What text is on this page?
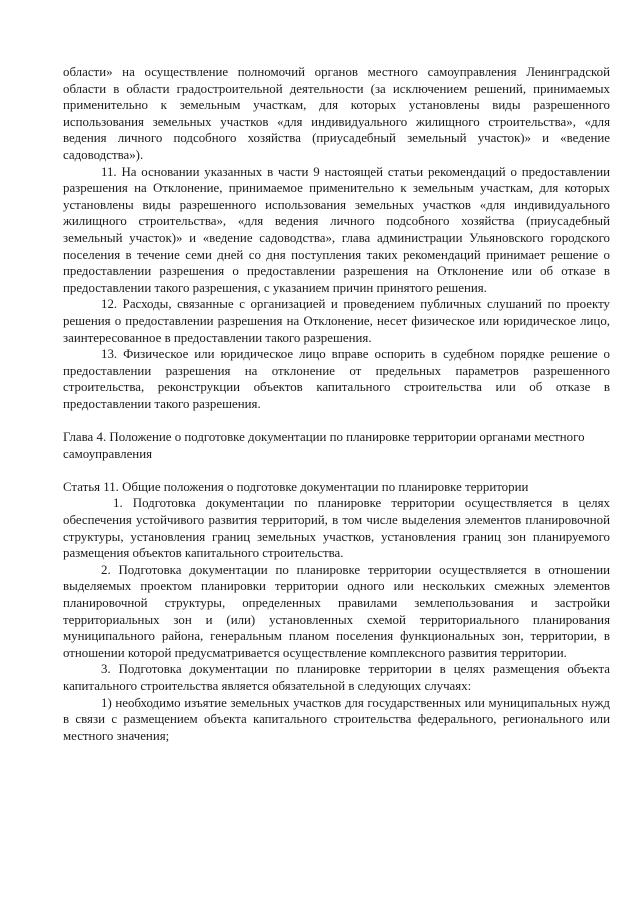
области» на осуществление полномочий органов местного самоуправления Ленинградской области в области градостроительной деятельности (за исключением решений, принимаемых применительно к земельным участкам, для которых установлены виды разрешенного использования земельных участков «для индивидуального жилищного строительства», «для ведения личного подсобного хозяйства (приусадебный земельный участок)» и «ведение садоводства»).

11. На основании указанных в части 9 настоящей статьи рекомендаций о предоставлении разрешения на Отклонение, принимаемое применительно к земельным участкам, для которых установлены виды разрешенного использования земельных участков «для индивидуального жилищного строительства», «для ведения личного подсобного хозяйства (приусадебный земельный участок)» и «ведение садоводства», глава администрации Ульяновского городского поселения в течение семи дней со дня поступления таких рекомендаций принимает решение о предоставлении разрешения о предоставлении разрешения на Отклонение или об отказе в предоставлении такого разрешения, с указанием причин принятого решения.

12. Расходы, связанные с организацией и проведением публичных слушаний по проекту решения о предоставлении разрешения на Отклонение, несет физическое или юридическое лицо, заинтересованное в предоставлении такого разрешения.

13. Физическое или юридическое лицо вправе оспорить в судебном порядке решение о предоставлении разрешения на отклонение от предельных параметров разрешенного строительства, реконструкции объектов капитального строительства или об отказе в предоставлении такого разрешения.

Глава 4. Положение о подготовке документации по планировке территории органами местного самоуправления

Статья 11. Общие положения о подготовке документации по планировке территории

1. Подготовка документации по планировке территории осуществляется в целях обеспечения устойчивого развития территорий, в том числе выделения элементов планировочной структуры, установления границ земельных участков, установления границ зон планируемого размещения объектов капитального строительства.

2. Подготовка документации по планировке территории осуществляется в отношении выделяемых проектом планировки территории одного или нескольких смежных элементов планировочной структуры, определенных правилами землепользования и застройки территориальных зон и (или) установленных схемой территориального планирования муниципального района, генеральным планом поселения функциональных зон, территории, в отношении которой предусматривается осуществление комплексного развития территории.

3. Подготовка документации по планировке территории в целях размещения объекта капитального строительства является обязательной в следующих случаях:

1) необходимо изъятие земельных участков для государственных или муниципальных нужд в связи с размещением объекта капитального строительства федерального, регионального или местного значения;
